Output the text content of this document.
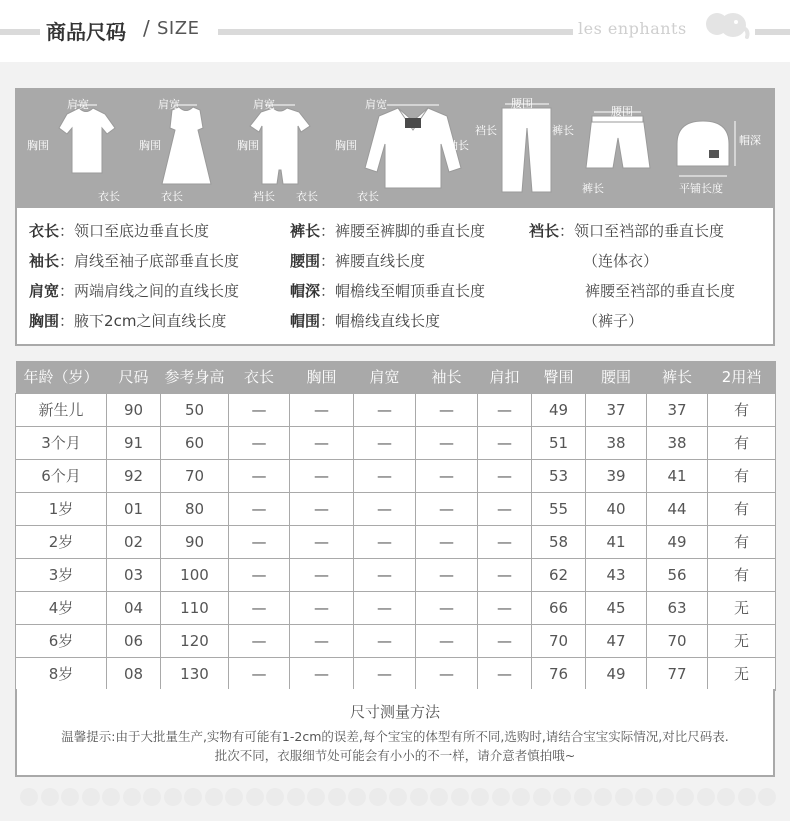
商品尺码 / SIZE	les enphants
肩宽
胸围
衣长
肩宽
胸围
衣长
肩宽
胸围
裆长 衣长
肩宽
胸围	袖长
衣长
腰围
裆长	裤长
腰围
裤长
帽深
平铺长度
衣长：领口至底边垂直长度
袖长：肩线至袖子底部垂直长度
肩宽：两端肩线之间的直线长度
胸围：腋下2cm之间直线长度
裤长：裤腰至裤脚的垂直长度
腰围：裤腰直线长度
帽深：帽檐线至帽顶垂直长度
帽围：帽檐线直线长度
裆长：领口至裆部的垂直长度
（连体衣）
裤腰至裆部的垂直长度
（裤子）
年龄（岁）	尺码	参考身高	衣长	胸围	肩宽	袖长	肩扣	臀围	腰围	裤长	2用裆
新生儿	90	50	—	—	—	—	—	49	37	37	有
3个月	91	60	—	—	—	—	—	51	38	38	有
6个月	92	70	—	—	—	—	—	53	39	41	有
1岁	01	80	—	—	—	—	—	55	40	44	有
2岁	02	90	—	—	—	—	—	58	41	49	有
3岁	03	100	—	—	—	—	—	62	43	56	有
4岁	04	110	—	—	—	—	—	66	45	63	无
6岁	06	120	—	—	—	—	—	70	47	70	无
8岁	08	130	—	—	—	—	—	76	49	77	无
尺寸测量方法
温馨提示:由于大批量生产,实物有可能有1-2cm的误差,每个宝宝的体型有所不同,选购时,请结合宝宝实际情况,对比尺码表.
批次不同，衣服细节处可能会有小小的不一样，请介意者慎拍哦~
